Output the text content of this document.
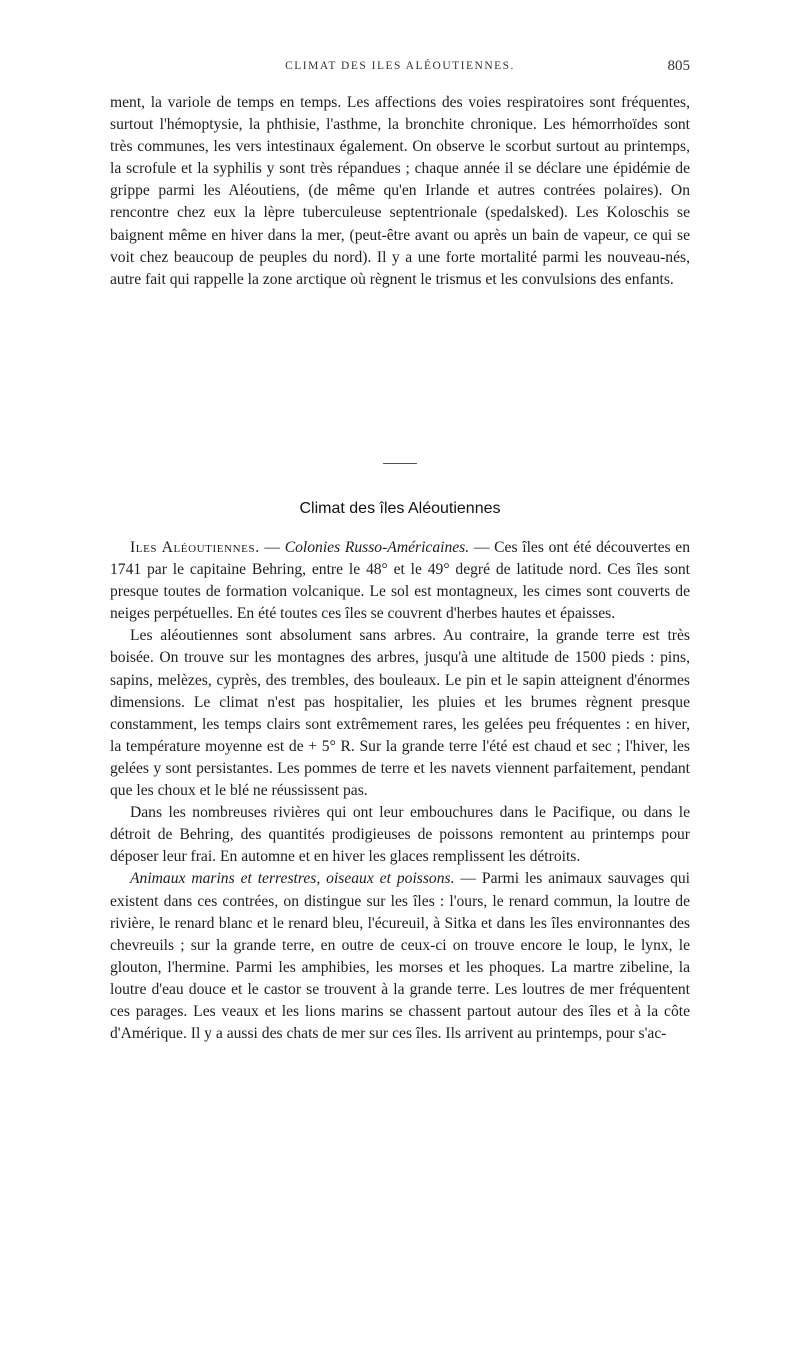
CLIMAT DES ILES ALÉOUTIENNES.	805

ment, la variole de temps en temps. Les affections des voies respiratoires sont fréquentes, surtout l'hémoptysie, la phthisie, l'asthme, la bronchite chronique. Les hémorrhoïdes sont très communes, les vers intestinaux également. On observe le scorbut surtout au printemps, la scrofule et la syphilis y sont très répandues ; chaque année il se déclare une épidémie de grippe parmi les Aléoutiens, (de même qu'en Irlande et autres contrées polaires). On rencontre chez eux la lèpre tuberculeuse septentrionale (spedalsked). Les Koloschis se baignent même en hiver dans la mer, (peut-être avant ou après un bain de vapeur, ce qui se voit chez beaucoup de peuples du nord). Il y a une forte mortalité parmi les nouveau-nés, autre fait qui rappelle la zone arctique où règnent le trismus et les convulsions des enfants.

Climat des îles Aléoutiennes

Iles Aléoutiennes. — Colonies Russo-Américaines. — Ces îles ont été découvertes en 1741 par le capitaine Behring, entre le 48° et le 49° degré de latitude nord. Ces îles sont presque toutes de formation volcanique. Le sol est montagneux, les cimes sont couverts de neiges perpétuelles. En été toutes ces îles se couvrent d'herbes hautes et épaisses.

Les aléoutiennes sont absolument sans arbres. Au contraire, la grande terre est très boisée. On trouve sur les montagnes des arbres, jusqu'à une altitude de 1500 pieds : pins, sapins, melèzes, cyprès, des trembles, des bouleaux. Le pin et le sapin atteignent d'énormes dimensions. Le climat n'est pas hospitalier, les pluies et les brumes règnent presque constamment, les temps clairs sont extrêmement rares, les gelées peu fréquentes : en hiver, la température moyenne est de + 5° R. Sur la grande terre l'été est chaud et sec ; l'hiver, les gelées y sont persistantes. Les pommes de terre et les navets viennent parfaitement, pendant que les choux et le blé ne réussissent pas.

Dans les nombreuses rivières qui ont leur embouchures dans le Pacifique, ou dans le détroit de Behring, des quantités prodigieuses de poissons remontent au printemps pour déposer leur frai. En automne et en hiver les glaces remplissent les détroits.

Animaux marins et terrestres, oiseaux et poissons. — Parmi les animaux sauvages qui existent dans ces contrées, on distingue sur les îles : l'ours, le renard commun, la loutre de rivière, le renard blanc et le renard bleu, l'écureuil, à Sitka et dans les îles environnantes des chevreuils ; sur la grande terre, en outre de ceux-ci on trouve encore le loup, le lynx, le glouton, l'hermine. Parmi les amphibies, les morses et les phoques. La martre zibeline, la loutre d'eau douce et le castor se trouvent à la grande terre. Les loutres de mer fréquentent ces parages. Les veaux et les lions marins se chassent partout autour des îles et à la côte d'Amérique. Il y a aussi des chats de mer sur ces îles. Ils arrivent au printemps, pour s'ac-
